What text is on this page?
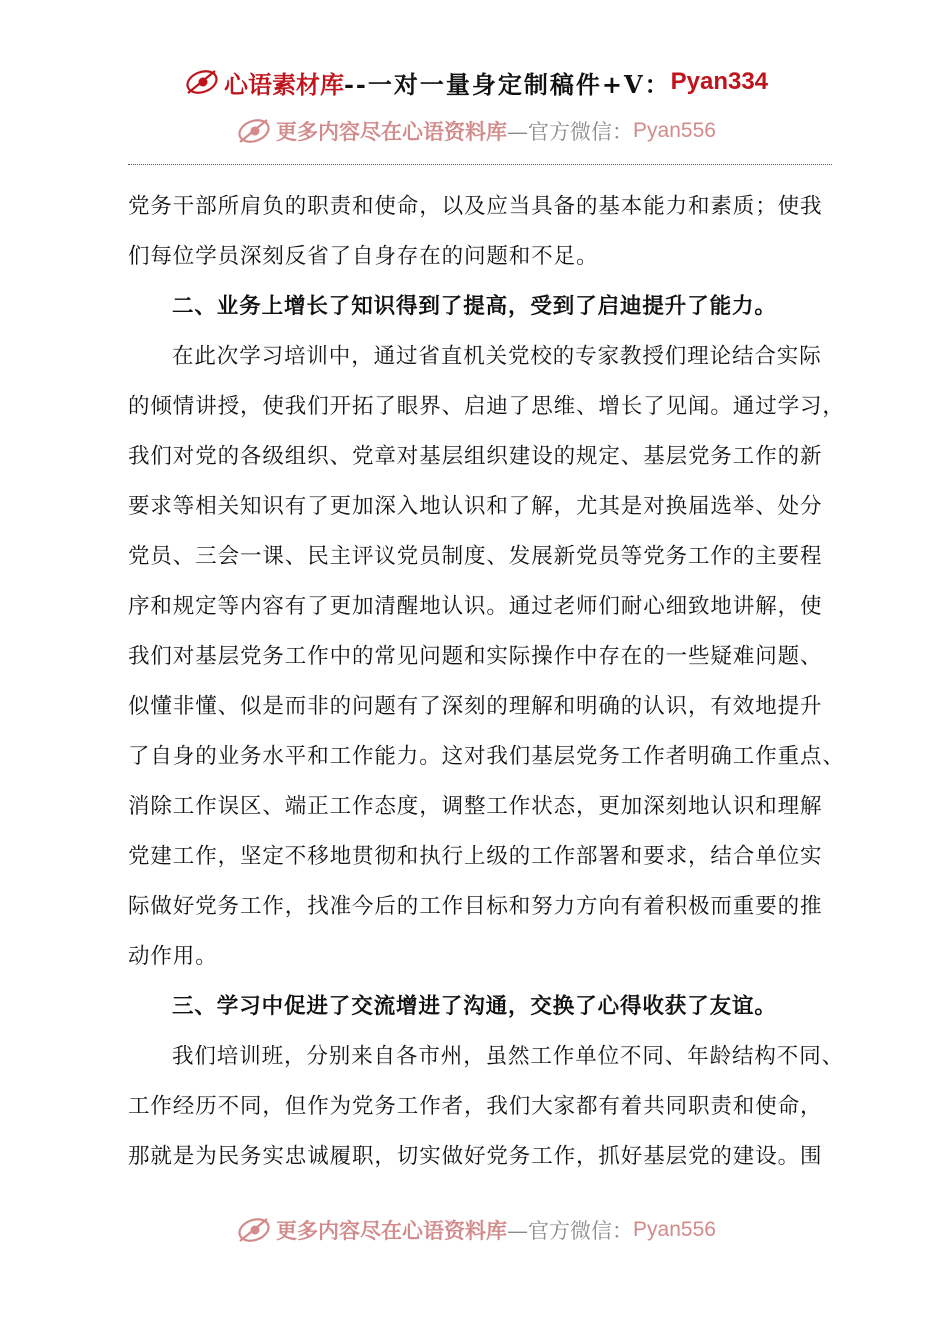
心语素材库 --一对一量身定制稿件+V： Pyan334
更多内容尽在心语资料库 —官方微信： Pyan556
党务干部所肩负的职责和使命，以及应当具备的基本能力和素质；使我
们每位学员深刻反省了自身存在的问题和不足。
二、业务上增长了知识得到了提高，受到了启迪提升了能力。
在此次学习培训中，通过省直机关党校的专家教授们理论结合实际
的倾情讲授，使我们开拓了眼界、启迪了思维、增长了见闻。通过学习，
我们对党的各级组织、党章对基层组织建设的规定、基层党务工作的新
要求等相关知识有了更加深入地认识和了解，尤其是对换届选举、处分
党员、三会一课、民主评议党员制度、发展新党员等党务工作的主要程
序和规定等内容有了更加清醒地认识。通过老师们耐心细致地讲解，使
我们对基层党务工作中的常见问题和实际操作中存在的一些疑难问题、
似懂非懂、似是而非的问题有了深刻的理解和明确的认识，有效地提升
了自身的业务水平和工作能力。这对我们基层党务工作者明确工作重点、
消除工作误区、端正工作态度，调整工作状态，更加深刻地认识和理解
党建工作，坚定不移地贯彻和执行上级的工作部署和要求，结合单位实
际做好党务工作，找准今后的工作目标和努力方向有着积极而重要的推
动作用。
三、学习中促进了交流增进了沟通，交换了心得收获了友谊。
我们培训班，分别来自各市州，虽然工作单位不同、年龄结构不同、
工作经历不同，但作为党务工作者，我们大家都有着共同职责和使命，
那就是为民务实忠诚履职，切实做好党务工作，抓好基层党的建设。围
更多内容尽在心语资料库 —官方微信： Pyan556
